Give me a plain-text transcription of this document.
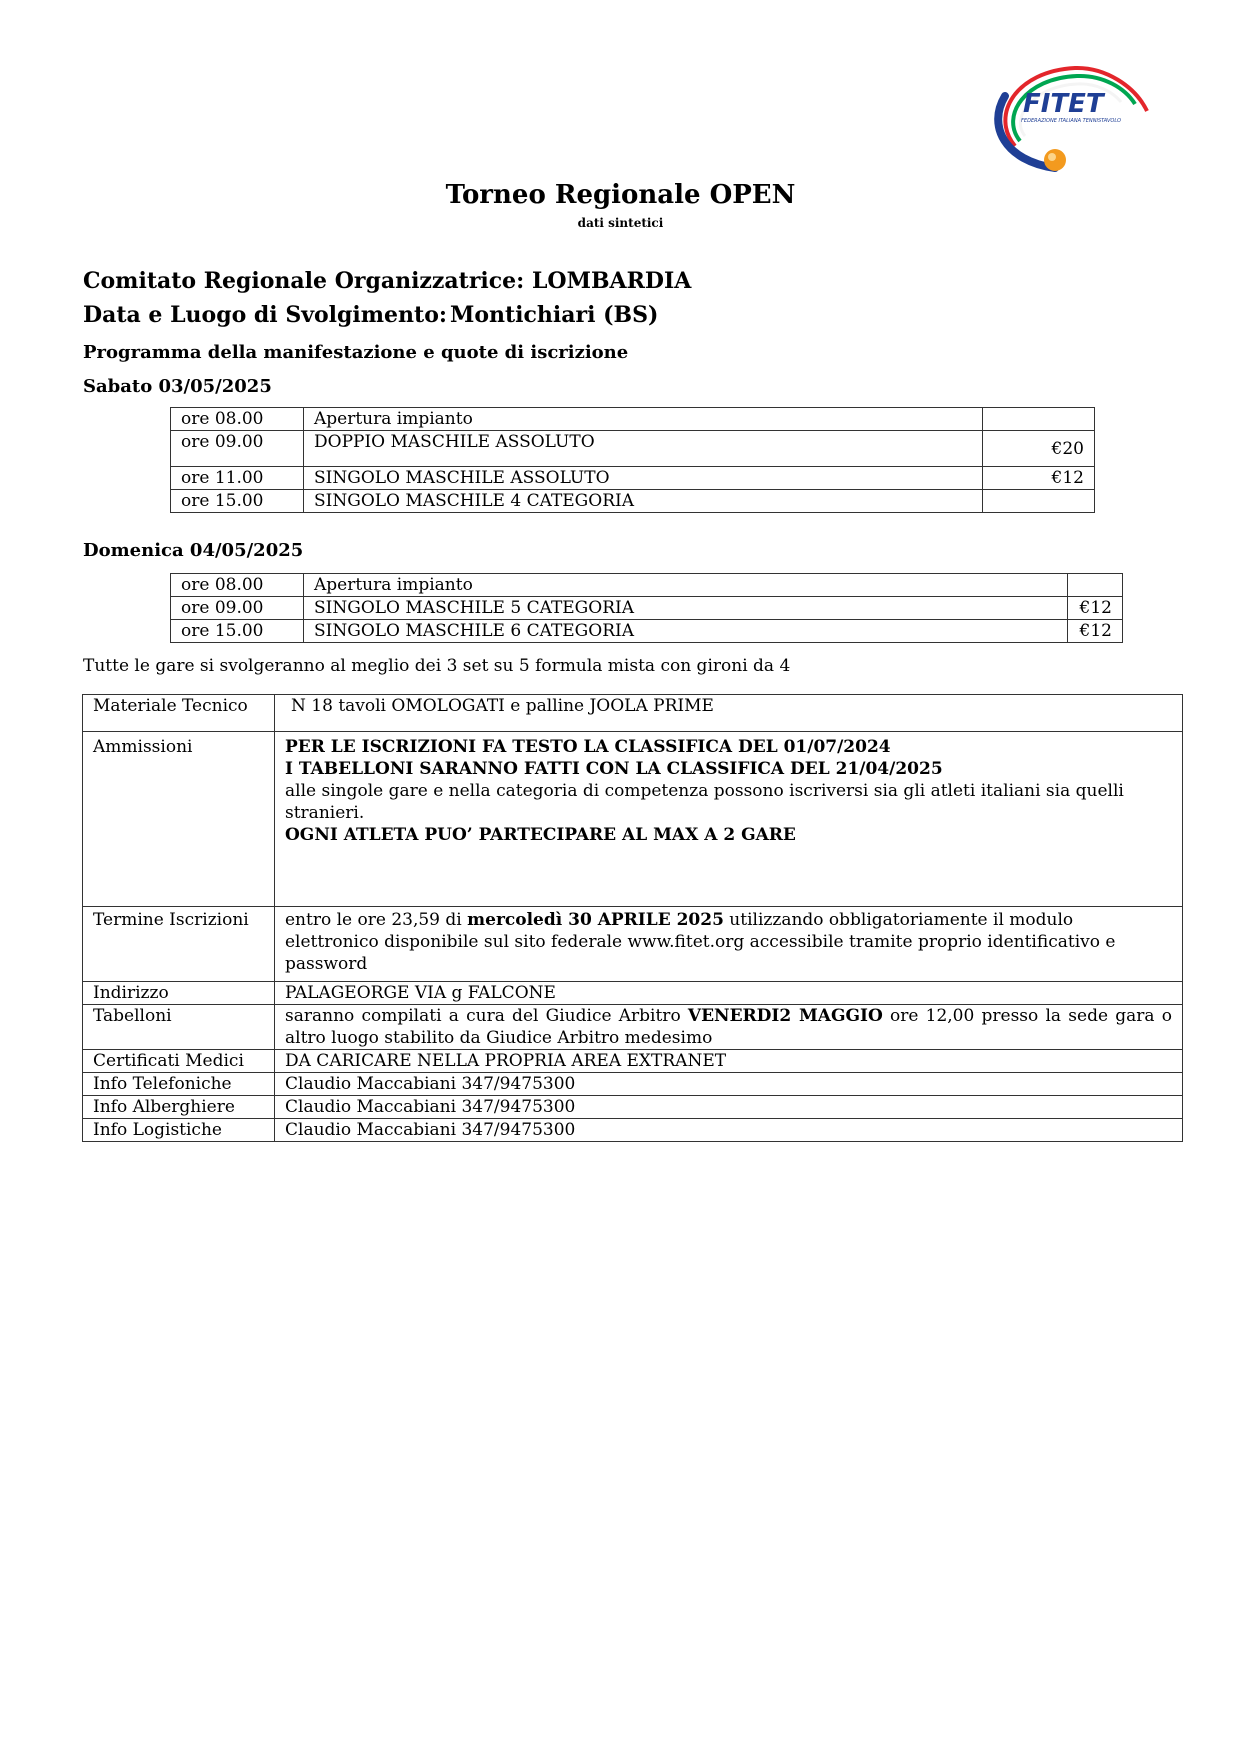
FITET
FEDERAZIONE ITALIANA TENNISTAVOLO
Torneo Regionale OPEN
dati sintetici
Comitato Regionale Organizzatrice: LOMBARDIA
Data e Luogo di Svolgimento: Montichiari (BS)
Programma della manifestazione e quote di iscrizione
Sabato 03/05/2025
ore 08.00	Apertura impianto	
ore 09.00	DOPPIO MASCHILE ASSOLUTO	€20
ore 11.00	SINGOLO MASCHILE ASSOLUTO	€12
ore 15.00	SINGOLO MASCHILE 4 CATEGORIA	
Domenica 04/05/2025
ore 08.00	Apertura impianto	
ore 09.00	SINGOLO MASCHILE 5 CATEGORIA	€12
ore 15.00	SINGOLO MASCHILE 6 CATEGORIA	€12
Tutte le gare si svolgeranno al meglio dei 3 set su 5 formula mista con gironi da 4
Materiale Tecnico	N 18 tavoli OMOLOGATI e palline JOOLA PRIME
Ammissioni	PER LE ISCRIZIONI FA TESTO LA CLASSIFICA DEL 01/07/2024
I TABELLONI SARANNO FATTI CON LA CLASSIFICA DEL 21/04/2025
alle singole gare e nella categoria di competenza possono iscriversi sia gli atleti italiani sia quelli stranieri.
OGNI ATLETA PUO’ PARTECIPARE AL MAX A 2 GARE

Termine Iscrizioni	entro le ore 23,59 di mercoledì 30 APRILE 2025 utilizzando obbligatoriamente il modulo elettronico disponibile sul sito federale www.fitet.org accessibile tramite proprio identificativo e password
Indirizzo	PALAGEORGE VIA g FALCONE
Tabelloni	saranno compilati a cura del Giudice Arbitro VENERDI2 MAGGIO ore 12,00 presso la sede gara o altro luogo stabilito da Giudice Arbitro medesimo
Certificati Medici	DA CARICARE NELLA PROPRIA AREA EXTRANET
Info Telefoniche	Claudio Maccabiani 347/9475300
Info Alberghiere	Claudio Maccabiani 347/9475300
Info Logistiche	Claudio Maccabiani 347/9475300
